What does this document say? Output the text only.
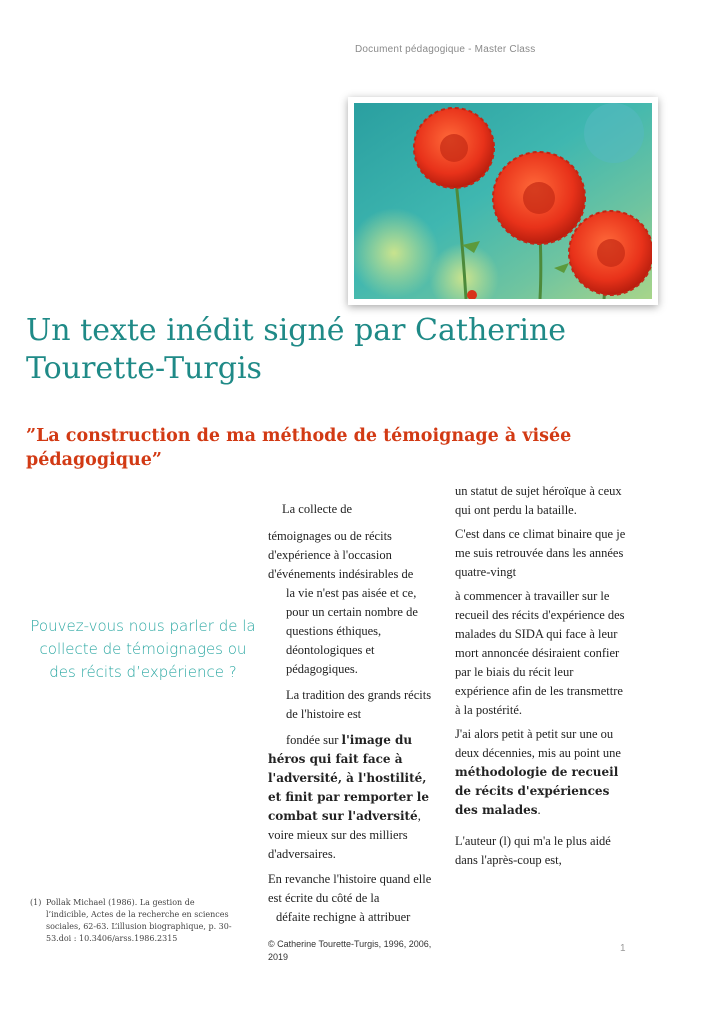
Document pédagogique - Master Class
Un texte inédit signé par Catherine
Tourette-Turgis
”La construction de ma méthode de témoignage à visée
pédagogique”
Pouvez-vous nous parler de la
collecte de témoignages ou
des récits d’expérience ?

La collecte de

témoignages ou de récits d'expérience à l'occasion d'événements indésirables de

la vie n'est pas aisée et ce, pour un certain nombre de questions éthiques, déontologiques et pédagogiques.

La tradition des grands récits de l'histoire est

fondée sur l'image du héros qui fait face à l'adversité, à l'hostilité, et finit par remporter le combat sur l'adversité, voire mieux sur des milliers d'adversaires.

En revanche l'histoire quand elle est écrite du côté de la

défaite rechigne à attribuer

un statut de sujet héroïque à ceux qui ont perdu la bataille.

C'est dans ce climat binaire que je me suis retrouvée dans les années quatre-vingt

à commencer à travailler sur le recueil des récits d'expérience des malades du SIDA qui face à leur mort annoncée désiraient confier par le biais du récit leur expérience afin de les transmettre à la postérité.

J'ai alors petit à petit sur une ou deux décennies, mis au point une méthodologie de recueil de récits d'expériences des malades.

L'auteur (l) qui m'a le plus aidé dans l'après-coup est,

(1) Pollak Michael (1986). La gestion de l’indicible, Actes de la recherche en sciences sociales, 62-63. L’illusion biographique, p. 30-53.doi : 10.3406/arss.1986.2315
© Catherine Tourette-Turgis, 1996, 2006, 2019
1
